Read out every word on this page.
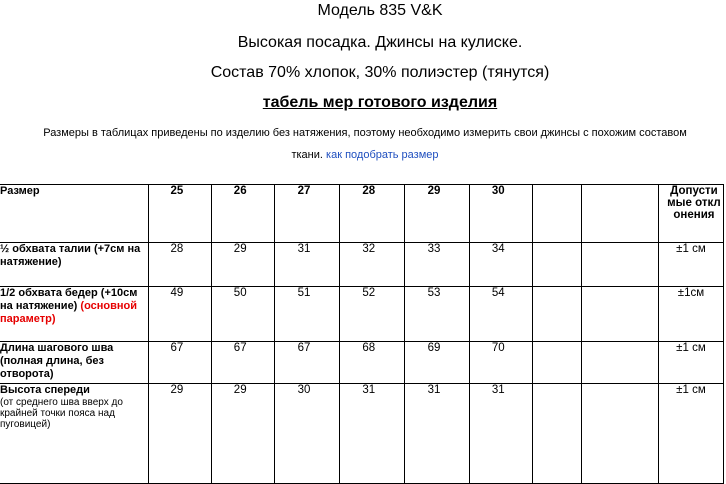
Модель 835 V&K
Высокая посадка. Джинсы на кулиске.
Состав 70% хлопок, 30% полиэстер (тянутся)
табель мер готового изделия
Размеры в таблицах приведены по изделию без натяжения, поэтому необходимо измерить свои джинсы с похожим составом ткани. как подобрать размер
Размер	25	26	27	28	29	30			Допустимые отклонения

½ обхвата талии (+7см на натяжение)	28	29	31	32	33	34			±1 см
1/2 обхвата бедер (+10см на натяжение) (основной параметр)	49	50	51	52	53	54			±1см
Длина шагового шва (полная длина, без отворота)	67	67	67	68	69	70			±1 см
Высота спереди
(от среднего шва вверх до крайней точки пояса над пуговицей)	29	29	30	31	31	31			±1 см
